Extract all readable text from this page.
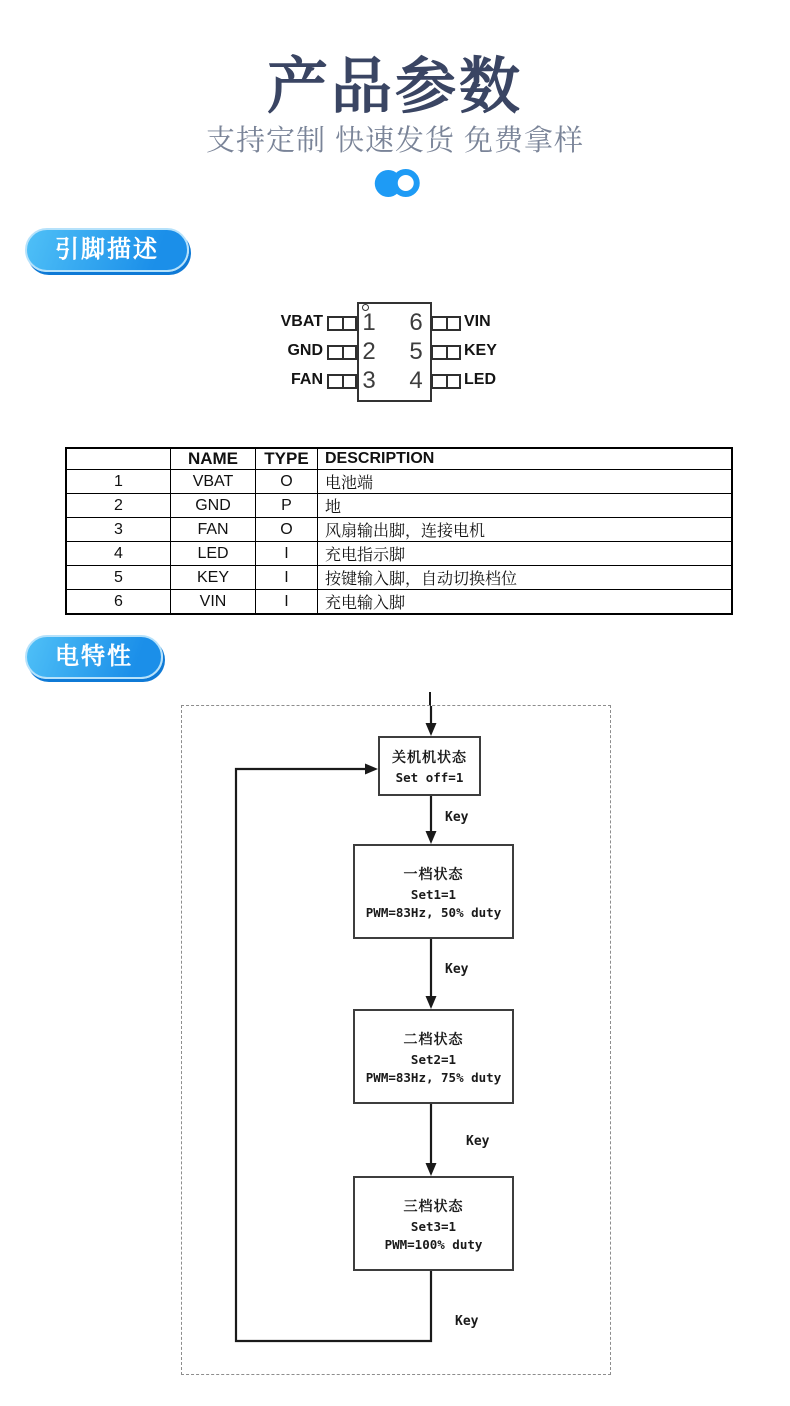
产品参数
支持定制 快速发货 免费拿样
引脚描述
VBAT
GND
FAN
VIN
KEY
LED
1
2
3
6
5
4
	NAME	TYPE	DESCRIPTION
1	VBAT	O	电池端
2	GND	P	地
3	FAN	O	风扇输出脚，连接电机
4	LED	I	充电指示脚
5	KEY	I	按键输入脚，自动切换档位
6	VIN	I	充电输入脚
电特性
关机机状态
Set off=1
一档状态
Set1=1
PWM=83Hz, 50% duty
二档状态
Set2=1
PWM=83Hz, 75% duty
三档状态
Set3=1
PWM=100% duty
Key
Key
Key
Key
